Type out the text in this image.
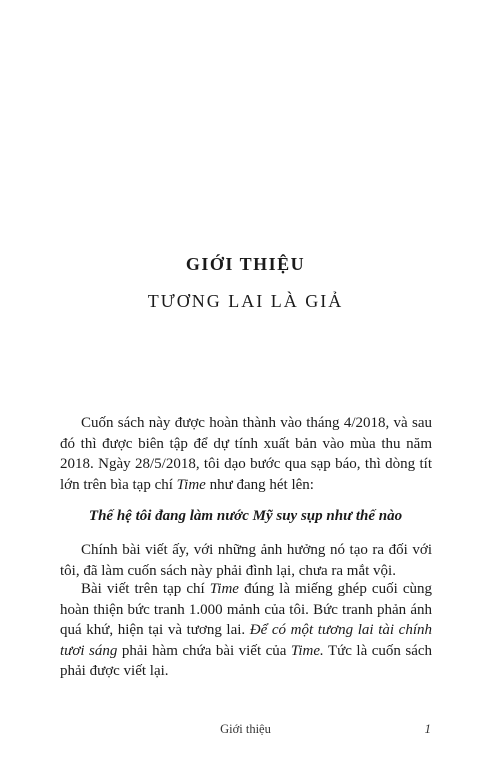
GIỚI THIỆU
TƯƠNG LAI LÀ GIẢ

Cuốn sách này được hoàn thành vào tháng 4/2018, và sau đó thì được biên tập để dự tính xuất bản vào mùa thu năm 2018. Ngày 28/5/2018, tôi dạo bước qua sạp báo, thì dòng tít lớn trên bìa tạp chí Time như đang hét lên:

Thế hệ tôi đang làm nước Mỹ suy sụp như thế nào

Chính bài viết ấy, với những ảnh hưởng nó tạo ra đối với tôi, đã làm cuốn sách này phải đình lại, chưa ra mắt vội.

Bài viết trên tạp chí Time đúng là miếng ghép cuối cùng hoàn thiện bức tranh 1.000 mảnh của tôi. Bức tranh phản ánh quá khứ, hiện tại và tương lai. Để có một tương lai tài chính tươi sáng phải hàm chứa bài viết của Time. Tức là cuốn sách phải được viết lại.

Giới thiệu	1
